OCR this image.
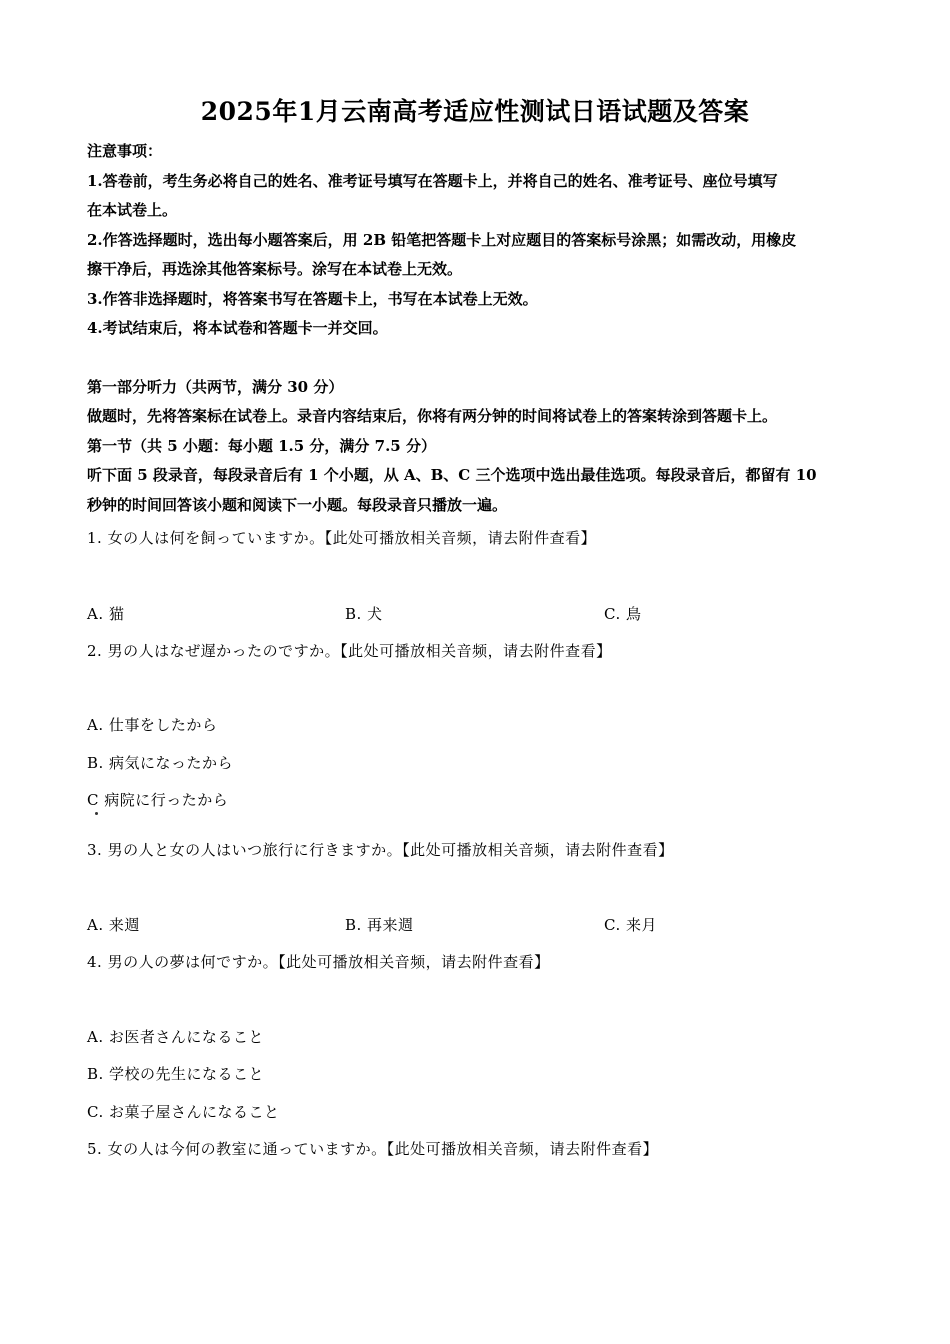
2025年1月云南高考适应性测试日语试题及答案
注意事项：
1.答卷前，考生务必将自己的姓名、准考证号填写在答题卡上，并将自己的姓名、准考证号、座位号填写
在本试卷上。
2.作答选择题时，选出每小题答案后，用 2B 铅笔把答题卡上对应题目的答案标号涂黑；如需改动，用橡皮
擦干净后，再选涂其他答案标号。涂写在本试卷上无效。
3.作答非选择题时，将答案书写在答题卡上，书写在本试卷上无效。
4.考试结束后，将本试卷和答题卡一并交回。
第一部分听力（共两节，满分 30 分）
做题时，先将答案标在试卷上。录音内容结束后，你将有两分钟的时间将试卷上的答案转涂到答题卡上。
第一节（共 5 小题：每小题 1.5 分，满分 7.5 分）
听下面 5 段录音，每段录音后有 1 个小题，从 A、B、C 三个选项中选出最佳选项。每段录音后，都留有 10
秒钟的时间回答该小题和阅读下一小题。每段录音只播放一遍。
1. 女の人は何を飼っていますか。【此处可播放相关音频，请去附件查看】
A. 猫	B. 犬	C. 鳥
2. 男の人はなぜ遅かったのですか。【此处可播放相关音频，请去附件查看】
A. 仕事をしたから
B. 病気になったから
C 病院に行ったから
3. 男の人と女の人はいつ旅行に行きますか。【此处可播放相关音频，请去附件查看】
A. 来週	B. 再来週	C. 来月
4. 男の人の夢は何ですか。【此处可播放相关音频，请去附件查看】
A. お医者さんになること
B. 学校の先生になること
C. お菓子屋さんになること
5. 女の人は今何の教室に通っていますか。【此处可播放相关音频，请去附件查看】
